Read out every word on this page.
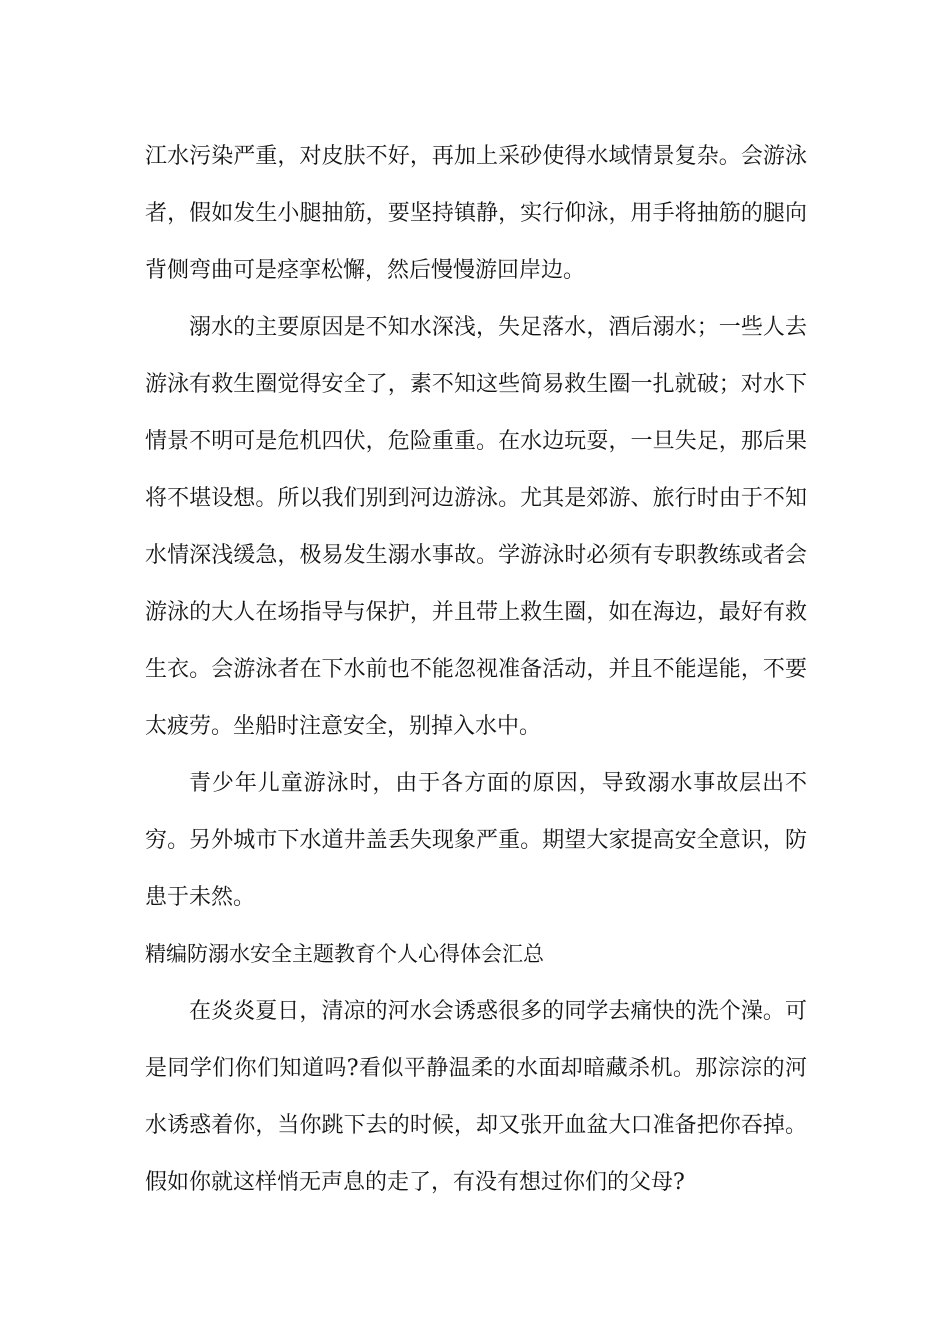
江水污染严重，对皮肤不好，再加上采砂使得水域情景复杂。会游泳者，假如发生小腿抽筋，要坚持镇静，实行仰泳，用手将抽筋的腿向背侧弯曲可是痉挛松懈，然后慢慢游回岸边。

溺水的主要原因是不知水深浅，失足落水，酒后溺水；一些人去游泳有救生圈觉得安全了，素不知这些简易救生圈一扎就破；对水下情景不明可是危机四伏，危险重重。在水边玩耍，一旦失足，那后果将不堪设想。所以我们别到河边游泳。尤其是郊游、旅行时由于不知水情深浅缓急，极易发生溺水事故。学游泳时必须有专职教练或者会游泳的大人在场指导与保护，并且带上救生圈，如在海边，最好有救生衣。会游泳者在下水前也不能忽视准备活动，并且不能逞能，不要太疲劳。坐船时注意安全，别掉入水中。

青少年儿童游泳时，由于各方面的原因，导致溺水事故层出不穷。另外城市下水道井盖丢失现象严重。期望大家提高安全意识，防患于未然。

精编防溺水安全主题教育个人心得体会汇总

在炎炎夏日，清凉的河水会诱惑很多的同学去痛快的洗个澡。可是同学们你们知道吗?看似平静温柔的水面却暗藏杀机。那淙淙的河水诱惑着你，当你跳下去的时候，却又张开血盆大口准备把你吞掉。假如你就这样悄无声息的走了，有没有想过你们的父母?
